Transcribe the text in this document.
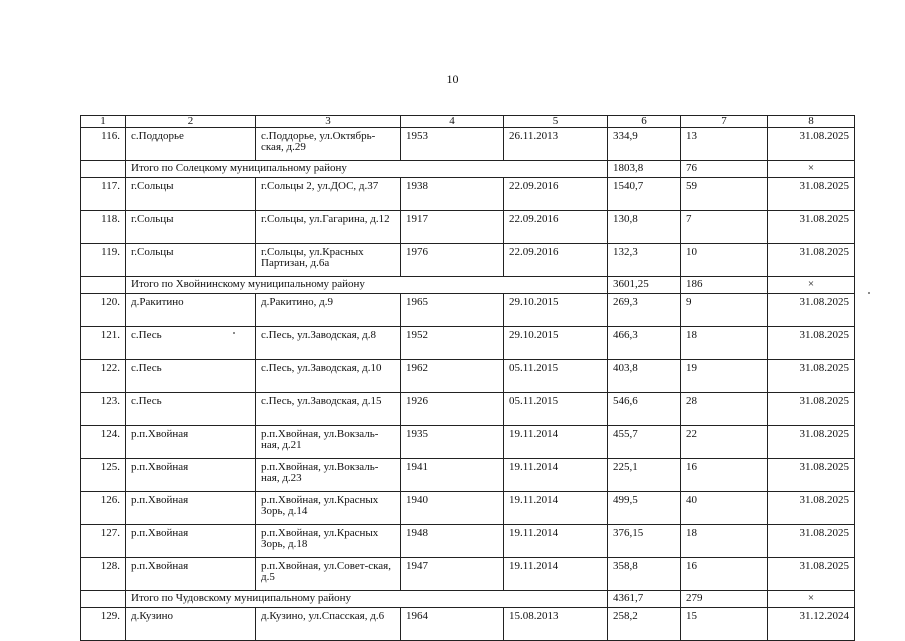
10
1	2	3	4	5	6	7	8
116.	с.Поддорье	с.Поддорье, ул.Октябрь-ская, д.29	1953	26.11.2013	334,9	13	31.08.2025
	Итого по Солецкому муниципальному району				1803,8	76	×
117.	г.Сольцы	г.Сольцы 2, ул.ДОС, д.37	1938	22.09.2016	1540,7	59	31.08.2025
118.	г.Сольцы	г.Сольцы, ул.Гагарина, д.12	1917	22.09.2016	130,8	7	31.08.2025
119.	г.Сольцы	г.Сольцы, ул.Красных Партизан, д.6а	1976	22.09.2016	132,3	10	31.08.2025
	Итого по Хвойнинскому муниципальному району				3601,25	186	×
120.	д.Ракитино	д.Ракитино, д.9	1965	29.10.2015	269,3	9	31.08.2025
121.	с.Песь	с.Песь, ул.Заводская, д.8	1952	29.10.2015	466,3	18	31.08.2025
122.	с.Песь	с.Песь, ул.Заводская, д.10	1962	05.11.2015	403,8	19	31.08.2025
123.	с.Песь	с.Песь, ул.Заводская, д.15	1926	05.11.2015	546,6	28	31.08.2025
124.	р.п.Хвойная	р.п.Хвойная, ул.Вокзаль-ная, д.21	1935	19.11.2014	455,7	22	31.08.2025
125.	р.п.Хвойная	р.п.Хвойная, ул.Вокзаль-ная, д.23	1941	19.11.2014	225,1	16	31.08.2025
126.	р.п.Хвойная	р.п.Хвойная, ул.Красных Зорь, д.14	1940	19.11.2014	499,5	40	31.08.2025
127.	р.п.Хвойная	р.п.Хвойная, ул.Красных Зорь, д.18	1948	19.11.2014	376,15	18	31.08.2025
128.	р.п.Хвойная	р.п.Хвойная, ул.Совет-ская, д.5	1947	19.11.2014	358,8	16	31.08.2025
	Итого по Чудовскому муниципальному району				4361,7	279	×
129.	д.Кузино	д.Кузино, ул.Спасская, д.6	1964	15.08.2013	258,2	15	31.12.2024
